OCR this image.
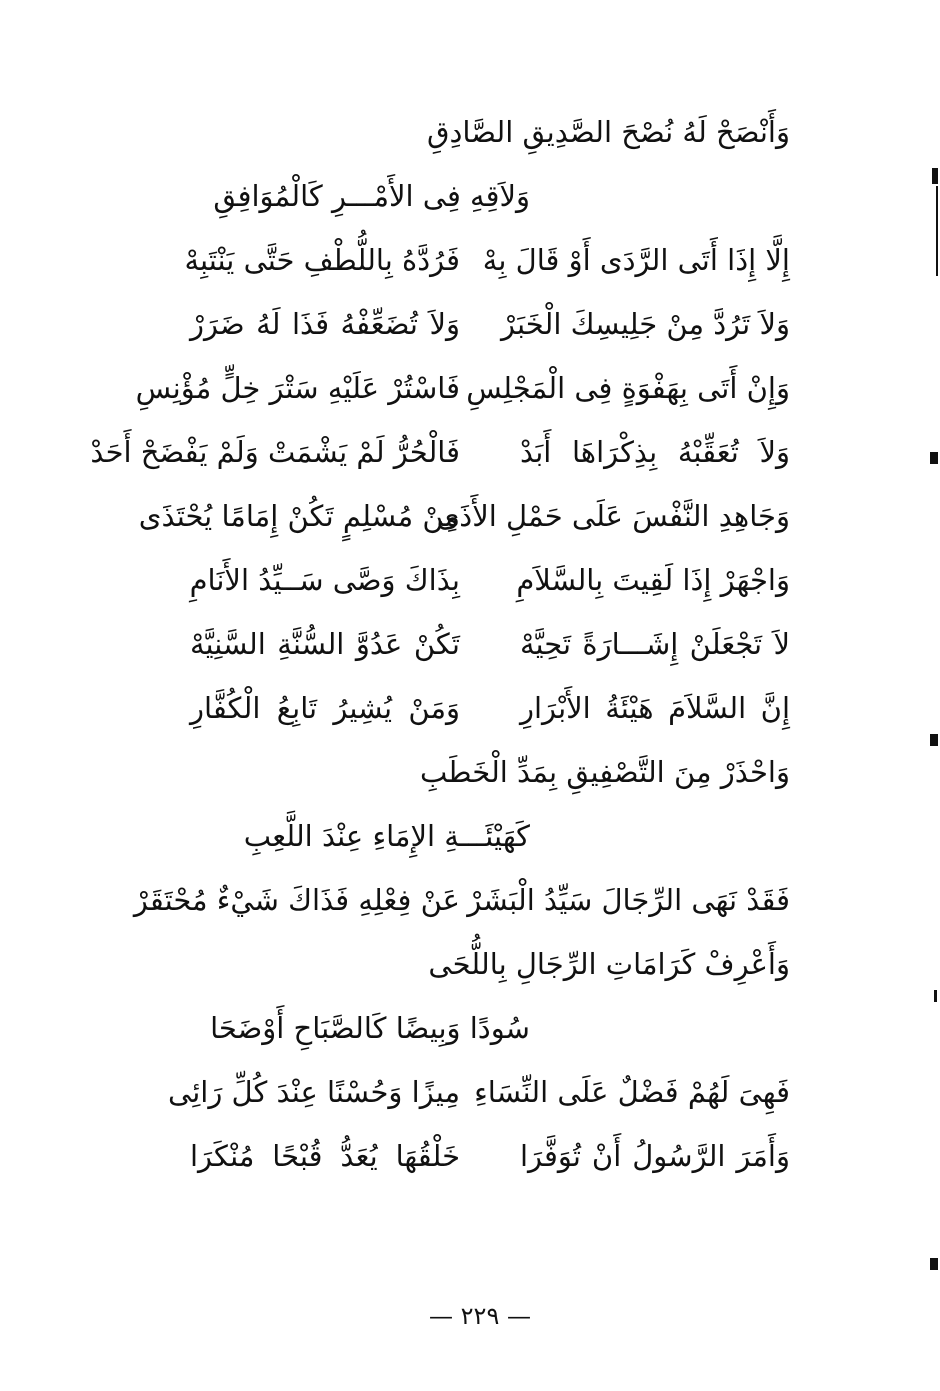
وَأَنْصَحْ لَهُ نُصْحَ الصَّدِيقِ الصَّادِقِ
وَلاَقِهِ فِى الأَمْـــرِ كَالْمُوَافِقِ
إِلَّا إِذَا أَتَى الرَّدَى أَوْ قَالَ بِهْ
فَرُدَّهُ بِاللُّطْفِ حَتَّى يَنْتَبِهْ
وَلاَ تَرُدَّ مِنْ جَلِيسِكَ الْخَبَرْ
وَلاَ تُضَعِّفْهُ فَذَا لَهُ ضَرَرْ
وَإِنْ أَتَى بِهَفْوَةٍ فِى الْمَجْلِسِ
فَاسْتُرْ عَلَيْهِ سَتْرَ خِلٍّ مُؤْنِسِ
وَلاَ تُعَقِّبْهُ بِذِكْرَاهَا أَبَدْ
فَالْحُرُّ لَمْ يَشْمَتْ وَلَمْ يَفْضَحْ أَحَدْ
وَجَاهِدِ النَّفْسَ عَلَى حَمْلِ الأَذَى
مِنْ مُسْلِمٍ تَكُنْ إِمَامًا يُحْتَذَى
وَاجْهَرْ إِذَا لَقِيتَ بِالسَّلاَمِ
بِذَاكَ وَصَّى سَــيِّدُ الأَنَامِ
لاَ تَجْعَلَنْ إِشَـــارَةً تَحِيَّهْ
تَكُنْ عَدُوَّ السُّنَّةِ السَّنِيَّهْ
إِنَّ السَّلاَمَ هَيْئَةُ الأَبْرَارِ
وَمَنْ يُشِيرُ تَابِعُ الْكُفَّارِ
وَاحْذَرْ مِنَ التَّصْفِيقِ بِمَدِّ الْخَطَبِ
كَهَيْئَـــةِ الإِمَاءِ عِنْدَ اللَّعِبِ
فَقَدْ نَهَى الرِّجَالَ سَيِّدُ الْبَشَرْ
عَنْ فِعْلِهِ فَذَاكَ شَيْءٌ مُحْتَقَرْ
وَأَعْرِفْ كَرَامَاتِ الرِّجَالِ بِاللُّحَى
سُودًا وَبِيضًا كَالصَّبَاحِ أَوْضَحَا
فَهِىَ لَهُمْ فَضْلٌ عَلَى النِّسَاءِ
مِيزًا وَحُسْنًا عِنْدَ كُلِّ رَائِى
وَأَمَرَ الرَّسُولُ أَنْ تُوَفَّرَا
خَلْقُهَا يُعَدُّ قُبْحًا مُنْكَرَا
— ٢٢٩ —
